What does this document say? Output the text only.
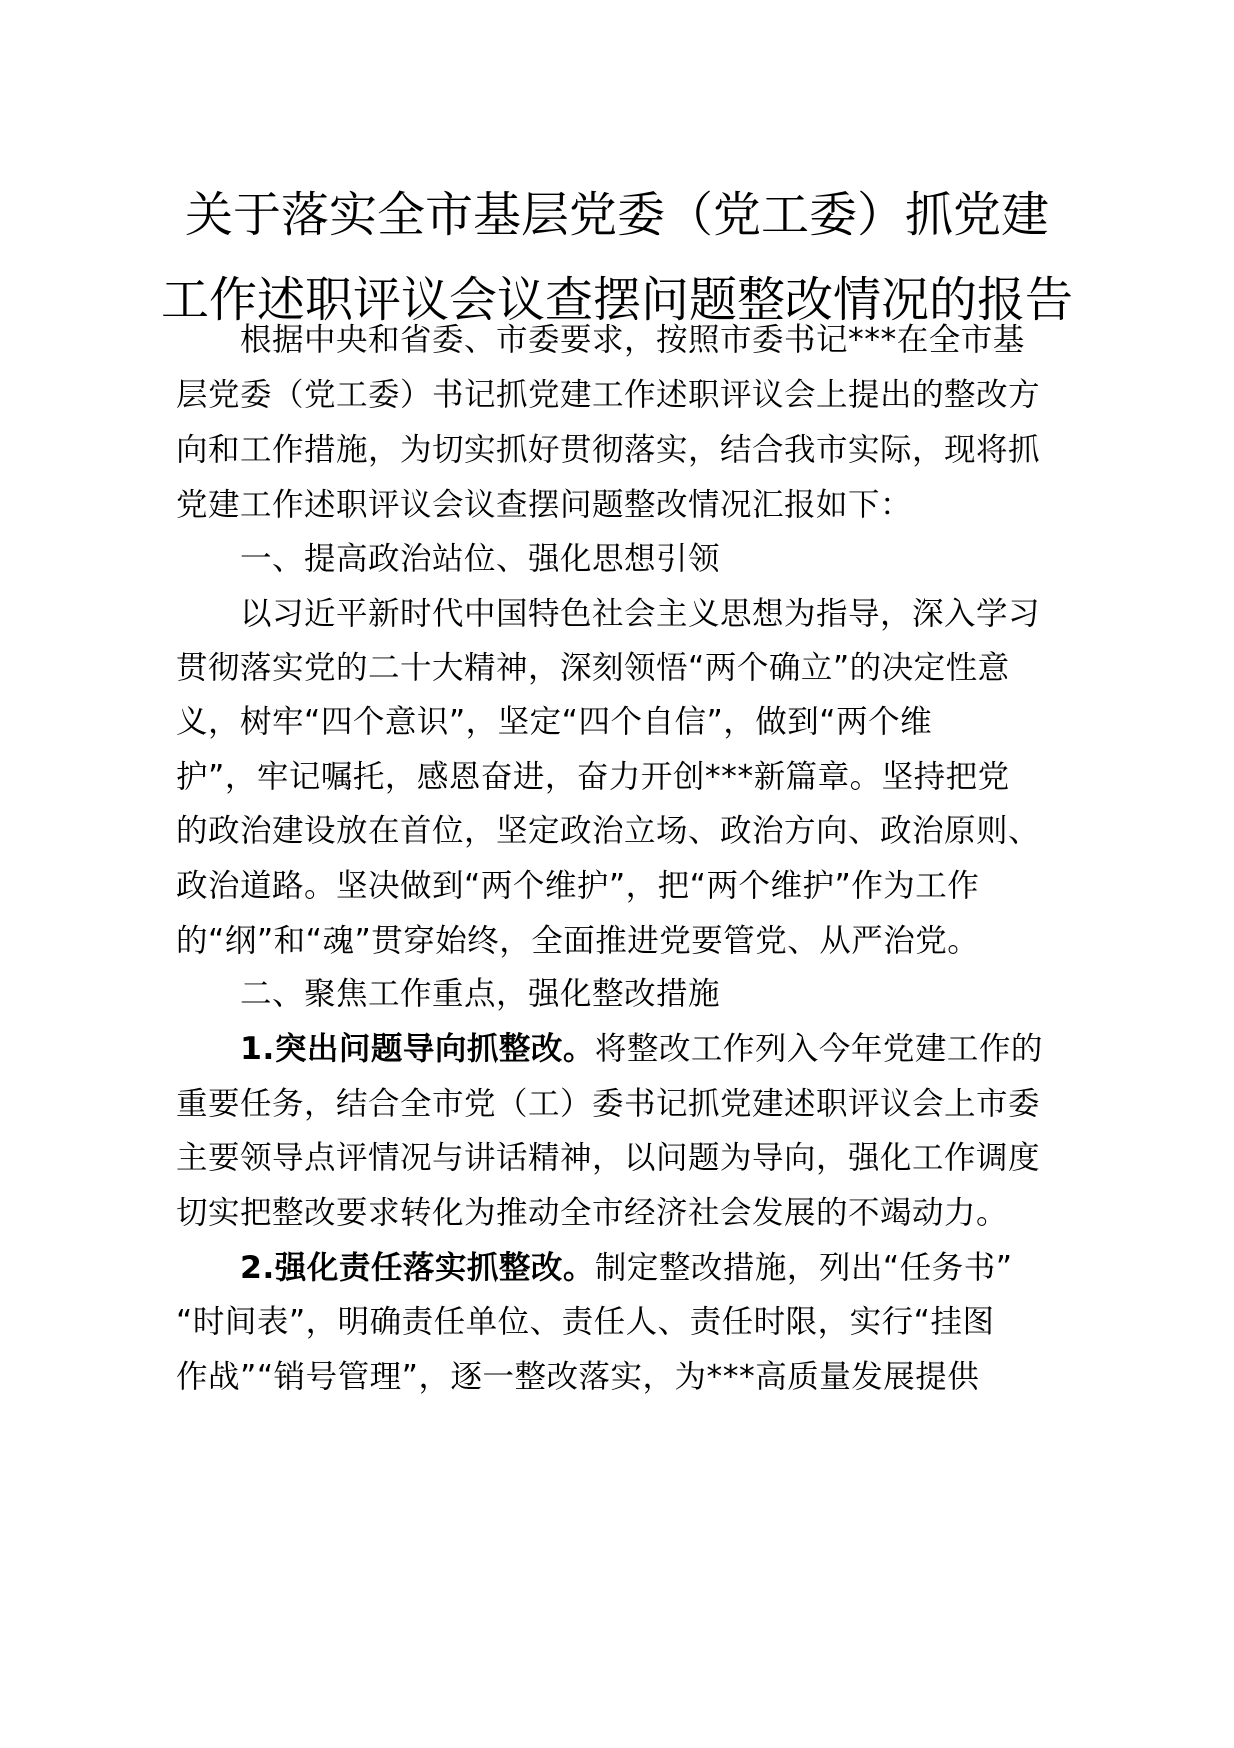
关于落实全市基层党委（党工委）抓党建
工作述职评议会议查摆问题整改情况的报告
根据中央和省委、市委要求，按照市委书记***在全市基
层党委（党工委）书记抓党建工作述职评议会上提出的整改方
向和工作措施，为切实抓好贯彻落实，结合我市实际，现将抓
党建工作述职评议会议查摆问题整改情况汇报如下：
一、提高政治站位、强化思想引领
以习近平新时代中国特色社会主义思想为指导，深入学习
贯彻落实党的二十大精神，深刻领悟“两个确立”的决定性意
义，树牢“四个意识”，坚定“四个自信”，做到“两个维
护”，牢记嘱托，感恩奋进，奋力开创***新篇章。坚持把党
的政治建设放在首位，坚定政治立场、政治方向、政治原则、
政治道路。坚决做到“两个维护”，把“两个维护”作为工作
的“纲”和“魂”贯穿始终，全面推进党要管党、从严治党。
二、聚焦工作重点，强化整改措施
1.突出问题导向抓整改。将整改工作列入今年党建工作的
重要任务，结合全市党（工）委书记抓党建述职评议会上市委
主要领导点评情况与讲话精神，以问题为导向，强化工作调度
切实把整改要求转化为推动全市经济社会发展的不竭动力。
2.强化责任落实抓整改。制定整改措施，列出“任务书”
“时间表”，明确责任单位、责任人、责任时限，实行“挂图
作战”“销号管理”，逐一整改落实，为***高质量发展提供
